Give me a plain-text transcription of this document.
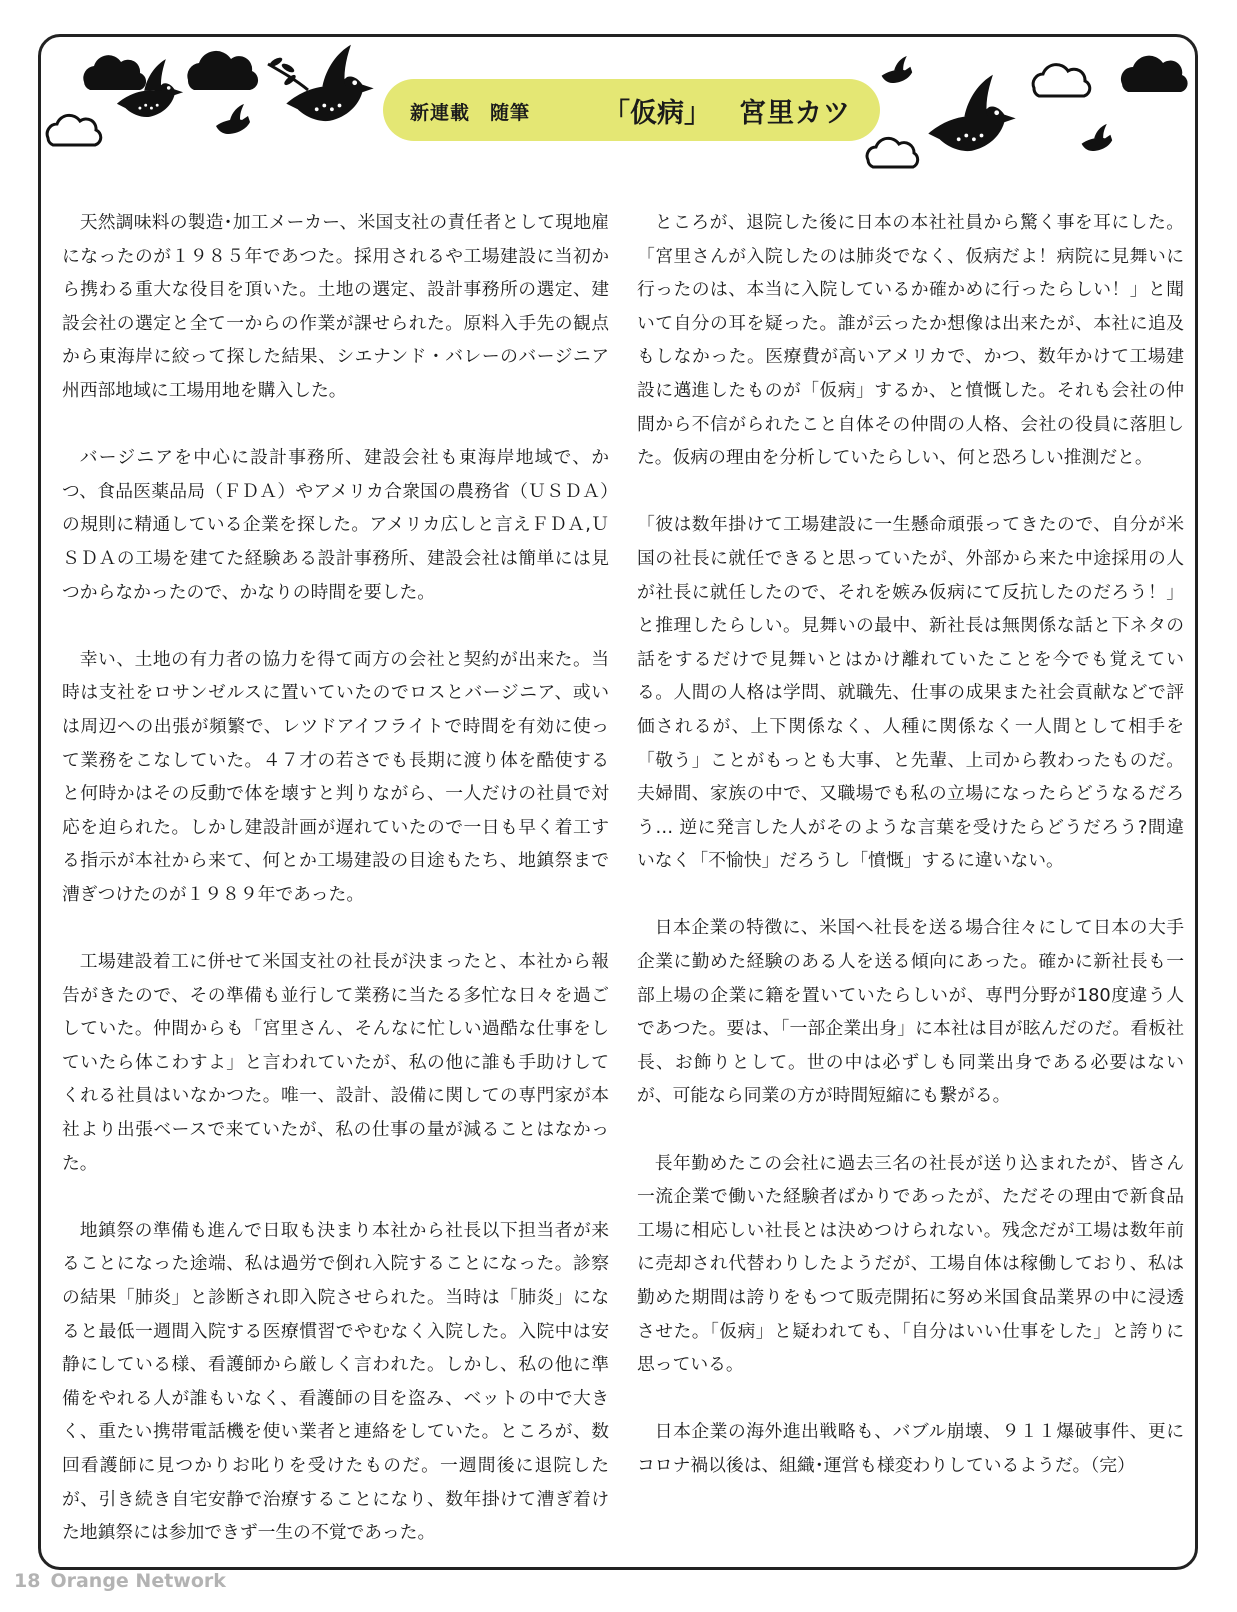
新連載　随筆	「仮病」 宮里カツ

天然調味料の製造･加工メーカー、米国支社の責任者として現地雇になったのが１９８５年であつた。採用されるや工場建設に当初から携わる重大な役目を頂いた。土地の選定、設計事務所の選定、建設会社の選定と全て一からの作業が課せられた。原料入手先の観点から東海岸に絞って探した結果、シエナンド・バレーのバージニア州西部地域に工場用地を購入した。

バージニアを中心に設計事務所、建設会社も東海岸地域で、かつ、食品医薬品局（ＦＤＡ）やアメリカ合衆国の農務省（ＵＳＤＡ）の規則に精通している企業を探した。アメリカ広しと言えＦＤＡ,ＵＳＤＡの工場を建てた経験ある設計事務所、建設会社は簡単には見つからなかったので、かなりの時間を要した。

幸い、土地の有力者の協力を得て両方の会社と契約が出来た。当時は支社をロサンゼルスに置いていたのでロスとバージニア、或いは周辺への出張が頻繁で、レツドアイフライトで時間を有効に使って業務をこなしていた。４７才の若さでも長期に渡り体を酷使すると何時かはその反動で体を壊すと判りながら、一人だけの社員で対応を迫られた。しかし建設計画が遅れていたので一日も早く着工する指示が本社から来て、何とか工場建設の目途もたち、地鎮祭まで漕ぎつけたのが１９８９年であった。

工場建設着工に併せて米国支社の社長が決まったと、本社から報告がきたので、その準備も並行して業務に当たる多忙な日々を過ごしていた。仲間からも「宮里さん、そんなに忙しい過酷な仕事をしていたら体こわすよ」と言われていたが、私の他に誰も手助けしてくれる社員はいなかつた。唯一、設計、設備に関しての専門家が本社より出張ベースで来ていたが、私の仕事の量が減ることはなかった。

地鎮祭の準備も進んで日取も決まり本社から社長以下担当者が来ることになった途端、私は過労で倒れ入院することになった。診察の結果「肺炎」と診断され即入院させられた。当時は「肺炎」になると最低一週間入院する医療慣習でやむなく入院した。入院中は安静にしている様、看護師から厳しく言われた。しかし、私の他に準備をやれる人が誰もいなく、看護師の目を盗み、ベットの中で大きく、重たい携帯電話機を使い業者と連絡をしていた。ところが、数回看護師に見つかりお叱りを受けたものだ。一週間後に退院したが、引き続き自宅安静で治療することになり、数年掛けて漕ぎ着けた地鎮祭には参加できず一生の不覚であった。

ところが、退院した後に日本の本社社員から驚く事を耳にした。「宮里さんが入院したのは肺炎でなく、仮病だよ！病院に見舞いに行ったのは、本当に入院しているか確かめに行ったらしい！」と聞いて自分の耳を疑った。誰が云ったか想像は出来たが、本社に追及もしなかった。医療費が高いアメリカで、かつ、数年かけて工場建設に邁進したものが「仮病」するか、と憤慨した。それも会社の仲間から不信がられたこと自体その仲間の人格、会社の役員に落胆した。仮病の理由を分析していたらしい、何と恐ろしい推測だと。

「彼は数年掛けて工場建設に一生懸命頑張ってきたので、自分が米国の社長に就任できると思っていたが、外部から来た中途採用の人が社長に就任したので、それを嫉み仮病にて反抗したのだろう！」と推理したらしい。見舞いの最中、新社長は無関係な話と下ネタの話をするだけで見舞いとはかけ離れていたことを今でも覚えている。人間の人格は学問、就職先、仕事の成果また社会貢献などで評価されるが、上下関係なく、人種に関係なく一人間として相手を「敬う」ことがもっとも大事、と先輩、上司から教わったものだ。夫婦間、家族の中で、又職場でも私の立場になったらどうなるだろう… 逆に発言した人がそのような言葉を受けたらどうだろう?間違いなく「不愉快」だろうし「憤慨」するに違いない。

日本企業の特徴に、米国へ社長を送る場合往々にして日本の大手企業に勤めた経験のある人を送る傾向にあった。確かに新社長も一部上場の企業に籍を置いていたらしいが、専門分野が180度違う人であつた。要は、「一部企業出身」に本社は目が眩んだのだ。看板社長、お飾りとして。世の中は必ずしも同業出身である必要はないが、可能なら同業の方が時間短縮にも繋がる。

長年勤めたこの会社に過去三名の社長が送り込まれたが、皆さん一流企業で働いた経験者ばかりであったが、ただその理由で新食品工場に相応しい社長とは決めつけられない。残念だが工場は数年前に売却され代替わりしたようだが、工場自体は稼働しており、私は勤めた期間は誇りをもつて販売開拓に努め米国食品業界の中に浸透させた。「仮病」と疑われても、「自分はいい仕事をした」と誇りに思っている。

日本企業の海外進出戦略も、バブル崩壊、９１１爆破事件、更にコロナ禍以後は、組織･運営も様変わりしているようだ。（完）

18 Orange Network
